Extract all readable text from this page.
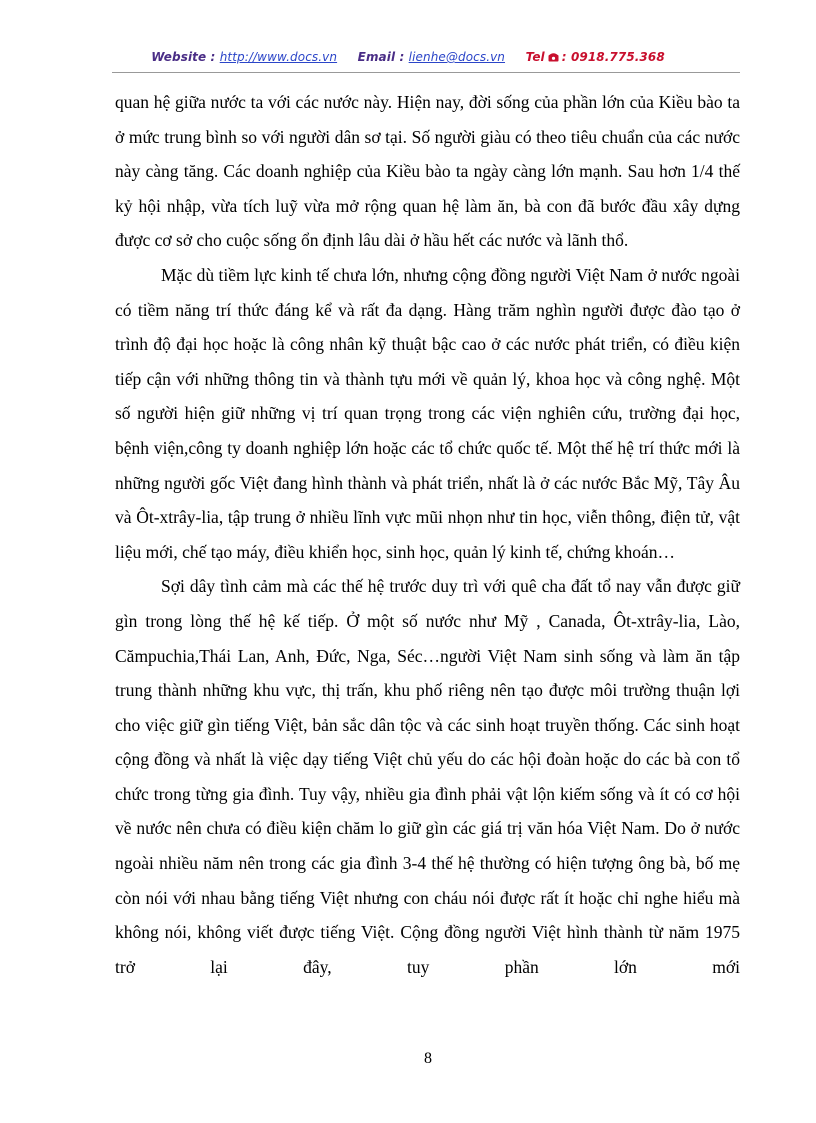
Website : http://www.docs.vn Email : lienhe@docs.vn Tel : 0918.775.368

quan hệ giữa nước ta với các nước này. Hiện nay, đời sống của phần lớn của Kiều bào ta ở mức trung bình so với người dân sơ tại. Số người giàu có theo tiêu chuẩn của các nước này càng tăng. Các doanh nghiệp của Kiều bào ta ngày càng lớn mạnh. Sau hơn 1/4 thế kỷ hội nhập, vừa tích luỹ vừa mở rộng quan hệ làm ăn, bà con đã bước đầu xây dựng được cơ sở cho cuộc sống ổn định lâu dài ở hầu hết các nước và lãnh thổ.

Mặc dù tiềm lực kinh tế chưa lớn, nhưng cộng đồng người Việt Nam ở nước ngoài có tiềm năng trí thức đáng kể và rất đa dạng. Hàng trăm nghìn người được đào tạo ở trình độ đại học hoặc là công nhân kỹ thuật bậc cao ở các nước phát triển, có điều kiện tiếp cận với những thông tin và thành tựu mới về quản lý, khoa học và công nghệ. Một số người hiện giữ những vị trí quan trọng trong các viện nghiên cứu, trường đại học, bệnh viện,công ty doanh nghiệp lớn hoặc các tổ chức quốc tế. Một thế hệ trí thức mới là những người gốc Việt đang hình thành và phát triển, nhất là ở các nước Bắc Mỹ, Tây Âu và Ôt-xtrây-lia, tập trung ở nhiều lĩnh vực mũi nhọn như tin học, viễn thông, điện tử, vật liệu mới, chế tạo máy, điều khiển học, sinh học, quản lý kinh tế, chứng khoán…

Sợi dây tình cảm mà các thế hệ trước duy trì với quê cha đất tổ nay vẫn được giữ gìn trong lòng thế hệ kế tiếp. Ở một số nước như Mỹ , Canada, Ôt-xtrây-lia, Lào, Cămpuchia,Thái Lan, Anh, Đức, Nga, Séc…người Việt Nam sinh sống và làm ăn tập trung thành những khu vực, thị trấn, khu phố riêng nên tạo được môi trường thuận lợi cho việc giữ gìn tiếng Việt, bản sắc dân tộc và các sinh hoạt truyền thống. Các sinh hoạt cộng đồng và nhất là việc dạy tiếng Việt chủ yếu do các hội đoàn hoặc do các bà con tổ chức trong từng gia đình. Tuy vậy, nhiều gia đình phải vật lộn kiếm sống và ít có cơ hội về nước nên chưa có điều kiện chăm lo giữ gìn các giá trị văn hóa Việt Nam. Do ở nước ngoài nhiều năm nên trong các gia đình 3-4 thế hệ thường có hiện tượng ông bà, bố mẹ còn nói với nhau bằng tiếng Việt nhưng con cháu nói được rất ít hoặc chỉ nghe hiểu mà không nói, không viết được tiếng Việt. Cộng đồng người Việt hình thành từ năm 1975 trở lại đây, tuy phần lớn mới

8
